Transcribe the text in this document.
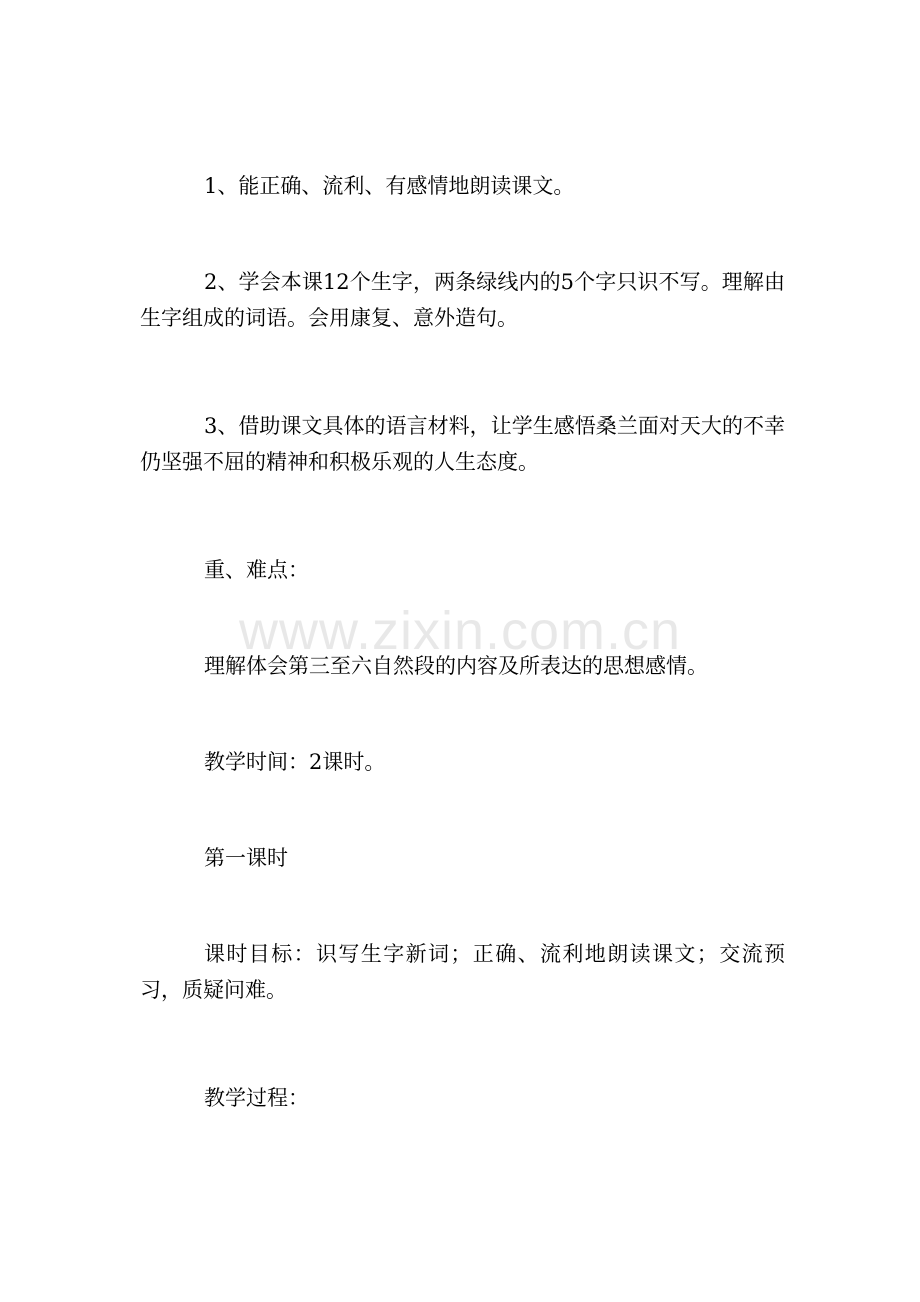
1、能正确、流利、有感情地朗读课文。

2、学会本课12个生字，两条绿线内的5个字只识不写。理解由生字组成的词语。会用康复、意外造句。

3、借助课文具体的语言材料，让学生感悟桑兰面对天大的不幸仍坚强不屈的精神和积极乐观的人生态度。

重、难点：

理解体会第三至六自然段的内容及所表达的思想感情。

教学时间：2课时。

第一课时

课时目标：识写生字新词；正确、流利地朗读课文；交流预习，质疑问难。

教学过程：

www.zixin.com.cn
